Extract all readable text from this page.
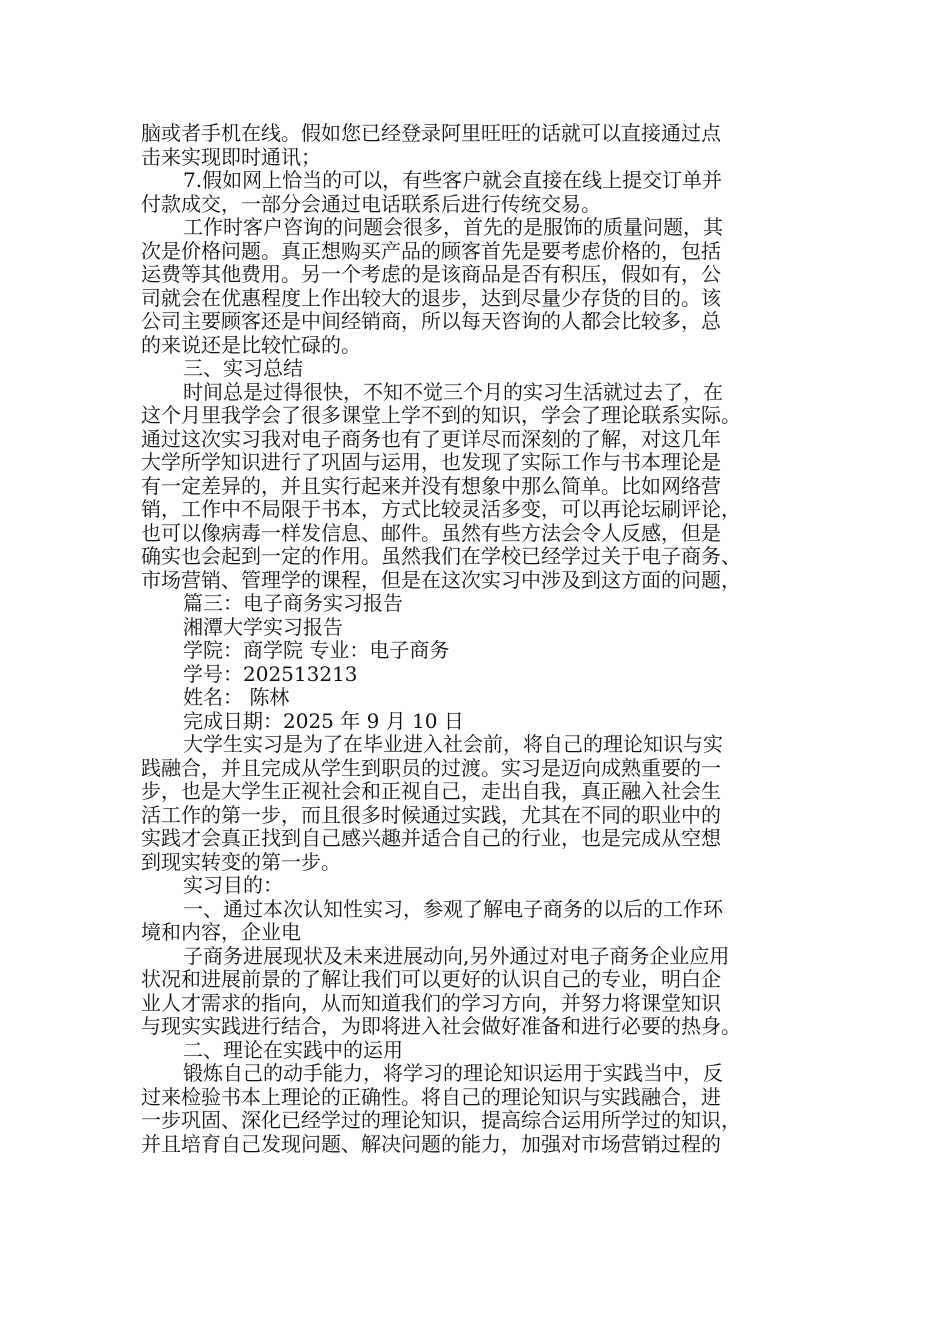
脑或者手机在线。假如您已经登录阿里旺旺的话就可以直接通过点
击来实现即时通讯；
7.假如网上恰当的可以，有些客户就会直接在线上提交订单并
付款成交，一部分会通过电话联系后进行传统交易。
工作时客户咨询的问题会很多，首先的是服饰的质量问题，其
次是价格问题。真正想购买产品的顾客首先是要考虑价格的，包括
运费等其他费用。另一个考虑的是该商品是否有积压，假如有，公
司就会在优惠程度上作出较大的退步，达到尽量少存货的目的。该
公司主要顾客还是中间经销商，所以每天咨询的人都会比较多，总
的来说还是比较忙碌的。
三、实习总结
时间总是过得很快，不知不觉三个月的实习生活就过去了，在
这个月里我学会了很多课堂上学不到的知识，学会了理论联系实际。
通过这次实习我对电子商务也有了更详尽而深刻的了解，对这几年
大学所学知识进行了巩固与运用，也发现了实际工作与书本理论是
有一定差异的，并且实行起来并没有想象中那么简单。比如网络营
销，工作中不局限于书本，方式比较灵活多变，可以再论坛刷评论，
也可以像病毒一样发信息、邮件。虽然有些方法会令人反感，但是
确实也会起到一定的作用。虽然我们在学校已经学过关于电子商务、
市场营销、管理学的课程，但是在这次实习中涉及到这方面的问题，
篇三：电子商务实习报告
湘潭大学实习报告
学院：商学院 专业：电子商务
学号：202513213
姓名： 陈林
完成日期：2025 年 9 月 10 日
大学生实习是为了在毕业进入社会前，将自己的理论知识与实
践融合，并且完成从学生到职员的过渡。实习是迈向成熟重要的一
步，也是大学生正视社会和正视自己，走出自我，真正融入社会生
活工作的第一步，而且很多时候通过实践，尤其在不同的职业中的
实践才会真正找到自己感兴趣并适合自己的行业，也是完成从空想
到现实转变的第一步。
实习目的：
一、通过本次认知性实习，参观了解电子商务的以后的工作环
境和内容，企业电
子商务进展现状及未来进展动向,另外通过对电子商务企业应用
状况和进展前景的了解让我们可以更好的认识自己的专业，明白企
业人才需求的指向，从而知道我们的学习方向，并努力将课堂知识
与现实实践进行结合，为即将进入社会做好准备和进行必要的热身。
二、理论在实践中的运用
锻炼自己的动手能力，将学习的理论知识运用于实践当中，反
过来检验书本上理论的正确性。将自己的理论知识与实践融合，进
一步巩固、深化已经学过的理论知识，提高综合运用所学过的知识，
并且培育自己发现问题、解决问题的能力，加强对市场营销过程的
